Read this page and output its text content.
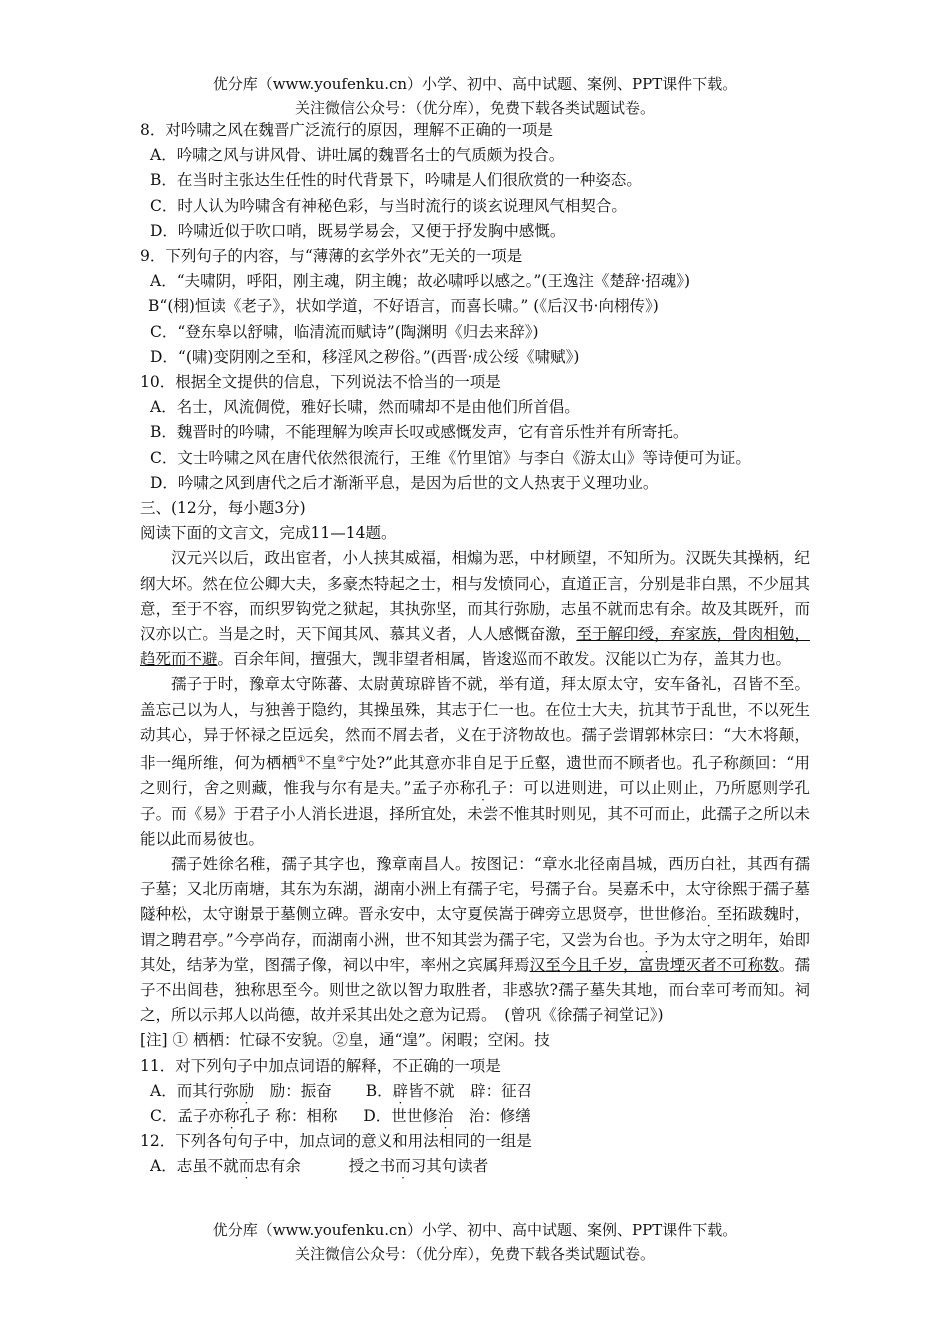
优分库（www.youfenku.cn）小学、初中、高中试题、案例、PPT课件下载。
关注微信公众号：（优分库），免费下载各类试题试卷。
8．对吟啸之风在魏晋广泛流行的原因，理解不正确的一项是
A．吟啸之风与讲风骨、讲吐属的魏晋名士的气质颇为投合。
B．在当时主张达生任性的时代背景下，吟啸是人们很欣赏的一种姿态。
C．时人认为吟啸含有神秘色彩，与当时流行的谈玄说理风气相契合。
D．吟啸近似于吹口哨，既易学易会，又便于抒发胸中感慨。
9．下列句子的内容，与“薄薄的玄学外衣”无关的一项是
A．“夫啸阴，呼阳，刚主魂，阴主魄；故必啸呼以感之。”(王逸注《楚辞·招魂》)
B“(栩)恒读《老子》，状如学道，不好语言，而喜长啸。” (《后汉书·向栩传》)
C．“登东皋以舒啸，临清流而赋诗”(陶渊明《归去来辞》)
D．“(啸)变阴刚之至和，移淫风之秽俗。”(西晋·成公绥《啸赋》)
10．根据全文提供的信息，下列说法不恰当的一项是
A．名士，风流倜傥，雅好长啸，然而啸却不是由他们所首倡。
B．魏晋时的吟啸，不能理解为唉声长叹或感慨发声，它有音乐性并有所寄托。
C．文士吟啸之风在唐代依然很流行，王维《竹里馆》与李白《游太山》等诗便可为证。
D．吟啸之风到唐代之后才渐渐平息，是因为后世的文人热衷于义理功业。
三、(12分，每小题3分)
阅读下面的文言文，完成11—14题。
汉元兴以后，政出宦者，小人挟其威福，相煽为恶，中材顾望，不知所为。汉既失其操柄，纪纲大坏。然在位公卿大夫，多豪杰特起之士，相与发愤同心，直道正言，分别是非白黑，不少屈其意，至于不容，而织罗钩党之狱起，其执弥坚，而其行弥励，志虽不就而忠有余。故及其既歼，而汉亦以亡。当是之时，天下闻其风、慕其义者，人人感慨奋激，至于解印绶，弃家族，骨肉相勉，趋死而不避。百余年间，擅强大，觊非望者相属，皆逡巡而不敢发。汉能以亡为存，盖其力也。
孺子于时，豫章太守陈蕃、太尉黄琼辟皆不就，举有道，拜太原太守，安车备礼，召皆不至。盖忘己以为人，与独善于隐约，其操虽殊，其志于仁一也。在位士大夫，抗其节于乱世，不以死生动其心，异于怀禄之臣远矣，然而不屑去者，义在于济物故也。孺子尝谓郭林宗曰：“大木将颠，非一绳所维，何为栖栖①不皇②宁处?”此其意亦非自足于丘壑，遗世而不顾者也。孔子称颜回：“用之则行，舍之则藏，惟我与尔有是夫。”孟子亦称孔子：可以进则进，可以止则止，乃所愿则学孔子。而《易》于君子小人消长进退，择所宜处，未尝不惟其时则见，其不可而止，此孺子之所以未能以此而易彼也。
孺子姓徐名稚，孺子其字也，豫章南昌人。按图记：“章水北径南昌城，西历白社，其西有孺子墓；又北历南塘，其东为东湖，湖南小洲上有孺子宅，号孺子台。吴嘉禾中，太守徐熙于孺子墓隧种松，太守谢景于墓侧立碑。晋永安中，太守夏侯嵩于碑旁立思贤亭，世世修治。至拓跋魏时，谓之聘君亭。”今亭尚存，而湖南小洲，世不知其尝为孺子宅，又尝为台也。予为太守之明年，始即其处，结茅为堂，图孺子像，祠以中牢，率州之宾属拜焉汉至今且千岁，富贵堙灭者不可称数。孺子不出闾巷，独称思至今。则世之欲以智力取胜者，非惑欤?孺子墓失其地，而台幸可考而知。祠之，所以示邦人以尚德，故并采其出处之意为记焉。　(曾巩《徐孺子祠堂记》)
[注] ① 栖栖：忙碌不安貌。②皇，通“遑”。闲暇；空闲。技
11．对下列句子中加点词语的解释，不正确的一项是
A．而其行弥励　励：振奋 B．辟皆不就　辟：征召
C．孟子亦称孔子 称：相称 D．世世修治　治：修缮
12．下列各句句子中，加点词的意义和用法相同的一组是
A．志虽不就而忠有余	授之书而习其句读者
优分库（www.youfenku.cn）小学、初中、高中试题、案例、PPT课件下载。
关注微信公众号：（优分库），免费下载各类试题试卷。
